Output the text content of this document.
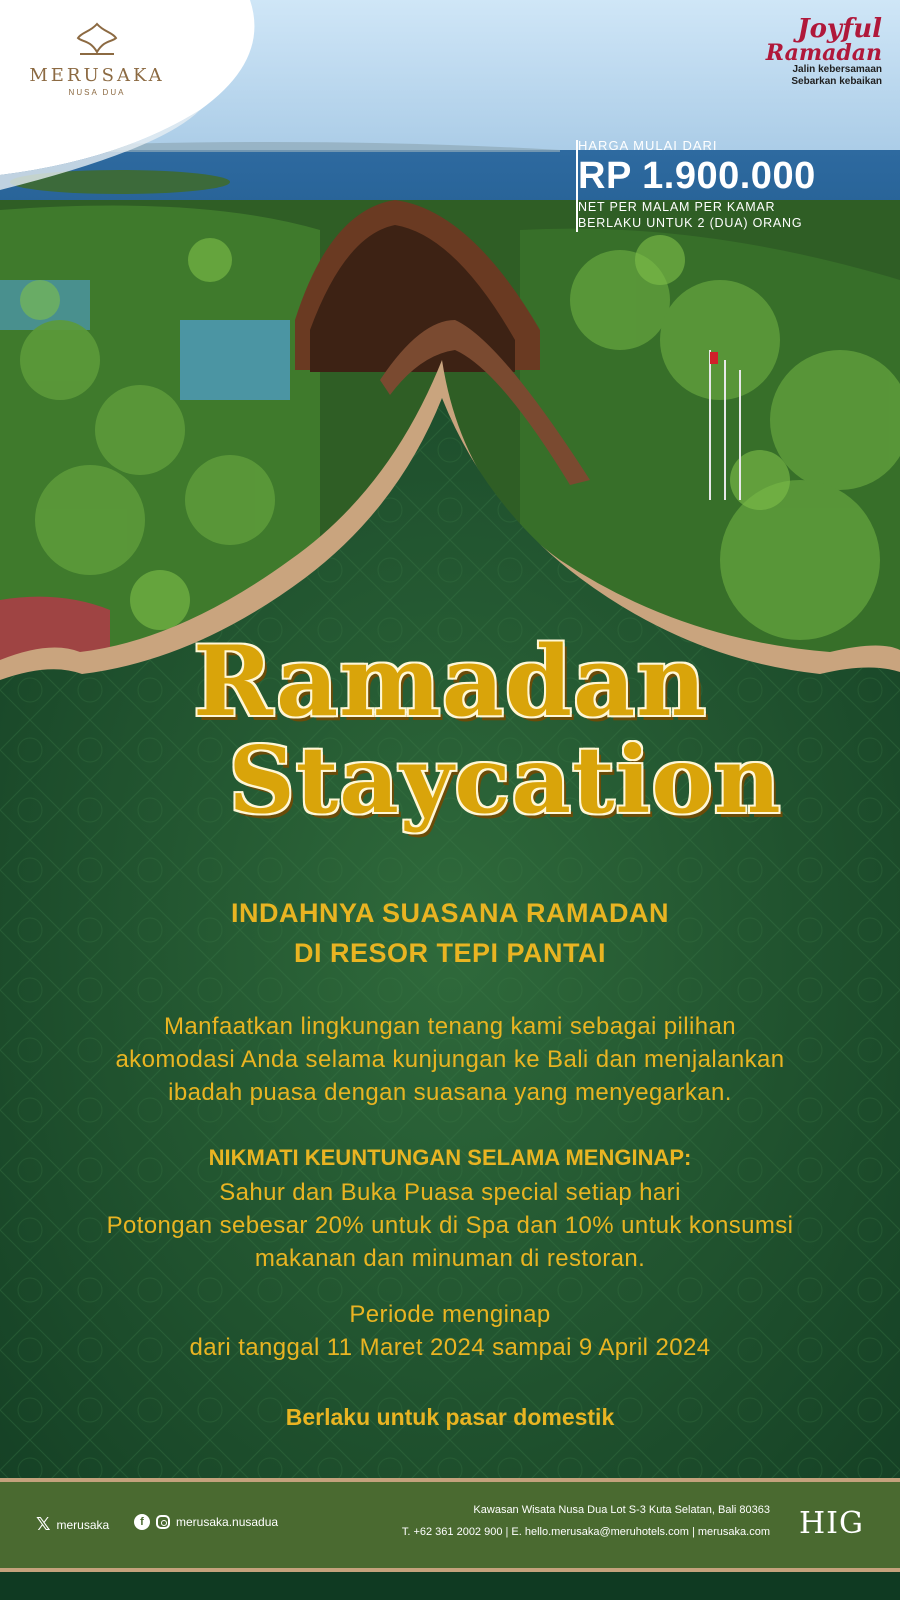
MERUSAKA
NUSA DUA
Joyful
Ramadan
Jalin kebersamaan
Sebarkan kebaikan
HARGA MULAI DARI
RP 1.900.000
NET PER MALAM PER KAMAR
BERLAKU UNTUK 2 (DUA) ORANG
Ramadan
Staycation
INDAHNYA SUASANA RAMADAN
DI RESOR TEPI PANTAI
Manfaatkan lingkungan tenang kami sebagai pilihan
akomodasi Anda selama kunjungan ke Bali dan menjalankan
ibadah puasa dengan suasana yang menyegarkan.
NIKMATI KEUNTUNGAN SELAMA MENGINAP:
Sahur dan Buka Puasa special setiap hari
Potongan sebesar 20% untuk di Spa dan 10% untuk konsumsi
makanan dan minuman di restoran.
Periode menginap
dari tanggal 11 Maret 2024 sampai 9 April 2024
Berlaku untuk pasar domestik
𝕏 merusaka	f	merusaka.nusadua
Kawasan Wisata Nusa Dua Lot S-3 Kuta Selatan, Bali 80363
T. +62 361 2002 900 | E. hello.merusaka@meruhotels.com | merusaka.com HIG
